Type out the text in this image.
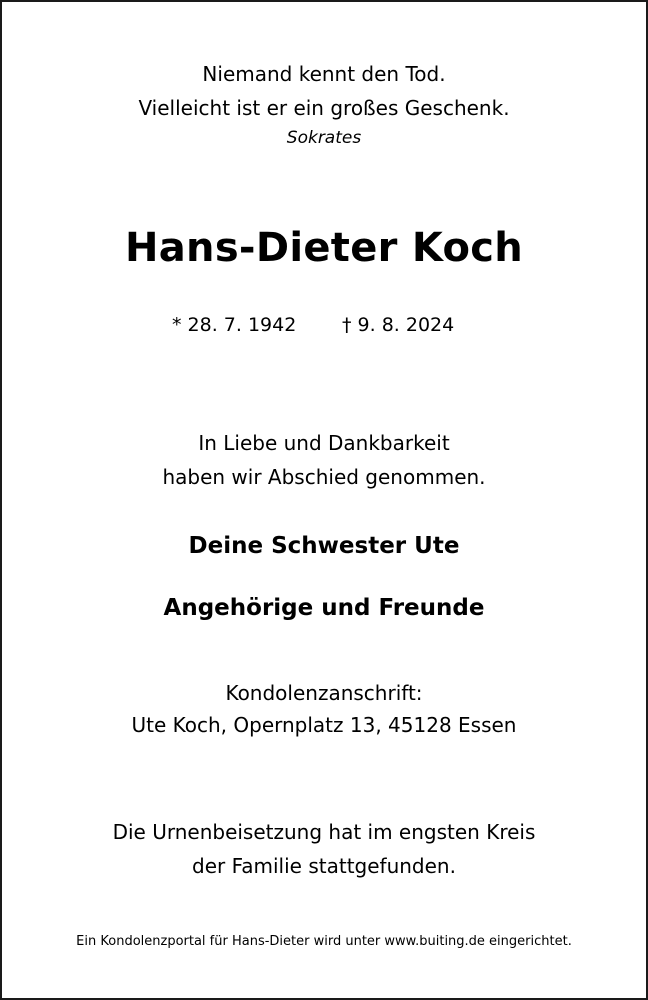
Niemand kennt den Tod.
Vielleicht ist er ein großes Geschenk.
Sokrates
Hans-Dieter Koch
* 28. 7. 1942 † 9. 8. 2024
In Liebe und Dankbarkeit
haben wir Abschied genommen.
Deine Schwester Ute
Angehörige und Freunde
Kondolenzanschrift:
Ute Koch, Opernplatz 13, 45128 Essen
Die Urnenbeisetzung hat im engsten Kreis
der Familie stattgefunden.
Ein Kondolenzportal für Hans-Dieter wird unter www.buiting.de eingerichtet.
